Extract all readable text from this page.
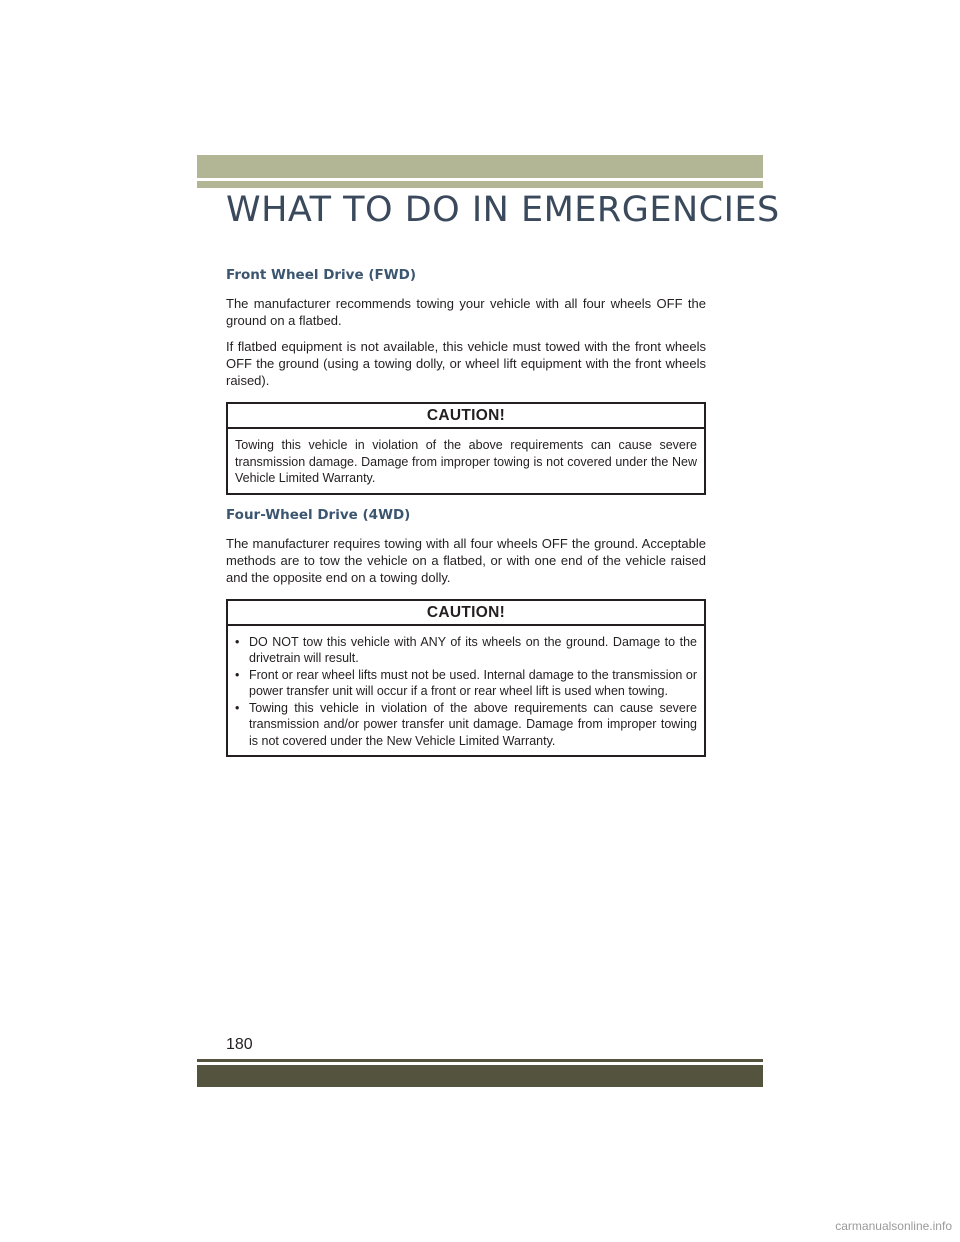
WHAT TO DO IN EMERGENCIES
Front Wheel Drive (FWD)

The manufacturer recommends towing your vehicle with all four wheels OFF the ground on a flatbed.

If flatbed equipment is not available, this vehicle must towed with the front wheels OFF the ground (using a towing dolly, or wheel lift equipment with the front wheels raised).

CAUTION!

Towing this vehicle in violation of the above requirements can cause severe transmission damage. Damage from improper towing is not covered under the New Vehicle Limited Warranty.

Four-Wheel Drive (4WD)

The manufacturer requires towing with all four wheels OFF the ground. Acceptable methods are to tow the vehicle on a flatbed, or with one end of the vehicle raised and the opposite end on a towing dolly.

CAUTION!
• DO NOT tow this vehicle with ANY of its wheels on the ground. Damage to the drivetrain will result.
• Front or rear wheel lifts must not be used. Internal damage to the transmission or power transfer unit will occur if a front or rear wheel lift is used when towing.
• Towing this vehicle in violation of the above requirements can cause severe transmission and/or power transfer unit damage. Damage from improper towing is not covered under the New Vehicle Limited Warranty.

180

carmanualsonline.info
